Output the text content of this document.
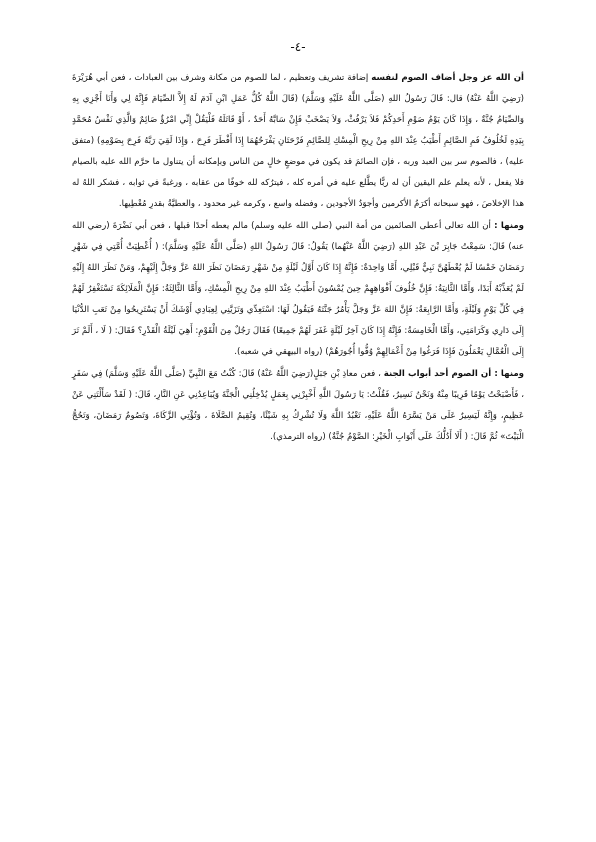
-٤-

أن الله عز وجل أضاف الصوم لنفسه إضافة تشريف وتعظيم ، لما للصوم من مكانة وشرف بين العبادات ، فعن أبي هُرَيْرَةَ (رَضِيَ اللَّهُ عَنْهُ) قال: قَالَ رَسُولُ اللهِ (صَلَّى اللَّهُ عَلَيْهِ وَسَلَّمَ) (قَالَ اللَّهُ كُلُّ عَمَلِ ابْنِ آدَمَ لَهُ إِلاَّ الصِّيَامَ فَإِنَّهُ لِي وَأَنَا أَجْزِي بِهِ وَالصِّيَامُ جُنَّةٌ ، وَإِذَا كَانَ يَوْمُ صَوْمِ أَحَدِكُمْ فَلاَ يَرْفُثْ، وَلاَ يَصْخَبْ فَإِنْ سَابَّهُ أَحَدٌ ، أَوْ قَاتَلَهُ فَلْيَقُلْ إِنِّي امْرُؤٌ صَائِمٌ وَالَّذِي نَفْسُ مُحَمَّدٍ بِيَدِهِ لَخُلُوفُ فَمِ الصَّائِمِ أَطْيَبُ عِنْدَ اللهِ مِنْ رِيحِ الْمِسْكِ لِلصَّائِمِ فَرْحَتَانِ يَفْرَحُهُمَا إِذَا أَفْطَرَ فَرِحَ ، وَإِذَا لَقِيَ رَبَّهُ فَرِحَ بِصَوْمِهِ) (متفق عليه) ، فالصوم سر بين العبد وربه ، فإن الصائمَ قد يكون في موضعٍ خالٍ من الناس وبإمكانه أن يتناول ما حرَّم الله عليه بالصيام فلا يفعل ، لأنه يعلم علم اليقين أن له ربًّا يطَّلع عليه في أمره كله ، فيترُكه لله خوفًا من عقابه ، ورغبةً في ثوابه ، فشكر اللهُ له هذا الإخلاصَ ، فهو سبحانه أكرَمُ الأكرمين وأجوَدُ الأجودين ، وفضله واسع ، وكرمه غير محدود ، والعطيَّةُ بقدرِ مُعْطِيها.

ومنها : أن الله تعالى أعطى الصائمين من أمة النبي (صلى الله عليه وسلم) مالم يعطه أحدًا قبلها ، فعن أبي نَضْرَةَ (رضي الله عنه) قَالَ: سَمِعْتُ جَابِرَ بْنَ عَبْدِ اللهِ (رَضِيَ اللَّهُ عَنْهُما) يَقُولُ: قَالَ رَسُولُ اللهِ (صَلَّى اللَّهُ عَلَيْهِ وَسَلَّمَ): ( أُعْطِيَتْ أُمَّتِي فِي شَهْرِ رَمَضَانَ خَمْسًا لَمْ يُعْطَهُنَّ نَبِيٌّ قَبْلِي، أَمَّا وَاحِدَةٌ: فَإِنَّهُ إِذَا كَانَ أَوَّلُ لَيْلَةٍ مِنْ شَهْرِ رَمَضَانَ نَظَرَ اللهُ عَزَّ وَجَلَّ إِلَيْهِمْ، وَمَنْ نَظَرَ اللهُ إِلَيْهِ لَمْ يُعَذِّبْهُ أَبَدًا، وَأَمَّا الثَّانِيَةُ: فَإِنَّ خُلُوفَ أَفْوَاهِهِمْ حِينَ يُمْسُونَ أَطْيَبُ عِنْدَ اللهِ مِنْ رِيحِ الْمِسْكِ، وَأَمَّا الثَّالِثَةُ: فَإِنَّ الْمَلَائِكَةَ تَسْتَغْفِرُ لَهُمْ فِي كُلِّ يَوْمٍ وَلَيْلَةٍ، وَأَمَّا الرَّابِعَةُ: فَإِنَّ اللهَ عَزَّ وَجَلَّ يَأْمُرُ جَنَّتَهُ فَيَقُولُ لَهَا: اسْتَعِدِّي وَتَزَيَّنِي لِعِبَادِي أَوْشَكَ أَنْ يَسْتَرِيحُوا مِنْ تَعَبِ الدُّنْيَا إِلَى دَارِي وَكَرَامَتِي، وَأَمَّا الْخَامِسَةُ: فَإِنَّهُ إِذَا كَانَ آخِرُ لَيْلَةٍ غَفَرَ لَهُمْ جَمِيعًا) فَقَالَ رَجُلٌ مِنَ الْقَوْمِ: أَهِيَ لَيْلَةُ الْقَدْرِ؟ فَقَالَ: ( لَا ، أَلَمْ تَرَ إِلَى الْعُمَّالِ يَعْمَلُونَ فَإِذَا فَرَغُوا مِنْ أَعْمَالِهِمْ وُفُّوا أُجُورَهُمْ) (رواه البيهقي في شعبه).

ومنها : أن الصوم أحد أبواب الجنة ، فعن معاذِ بْنِ جَبَلٍ(رَضِيَ اللَّهُ عَنْهُ) قَالَ: كُنْتُ مَعَ النَّبِيِّ (صَلَّى اللَّهُ عَلَيْهِ وَسَلَّمَ) فِي سَفَرٍ ، فَأَصْبَحْتُ يَوْمًا قَرِيبًا مِنْهُ وَنَحْنُ نَسِيرُ، فَقُلْتُ: يَا رَسُولَ اللَّهِ أَخْبِرْنِي بِعَمَلٍ يُدْخِلُنِي الْجَنَّةَ وَيُبَاعِدُنِي عَنِ النَّارِ، قَالَ: ( لَقَدْ سَأَلْتَنِي عَنْ عَظِيمٍ، وَإِنَّهُ لَيَسِيرٌ عَلَى مَنْ يَسَّرَهُ اللَّهُ عَلَيْهِ، تَعْبُدُ اللَّهَ وَلَا تُشْرِكُ بِهِ شَيْئًا، وَتُقِيمُ الصَّلَاةَ ، وَتُؤْتِي الزَّكَاةَ، وَتَصُومُ رَمَضَانَ، وَتَحُجُّ الْبَيْتَ» ثُمَّ قَالَ: ( أَلَا أَدُلُّكَ عَلَى أَبْوَابِ الْخَيْرِ: الصَّوْمُ جُنَّةٌ) (رواه الترمذي).
